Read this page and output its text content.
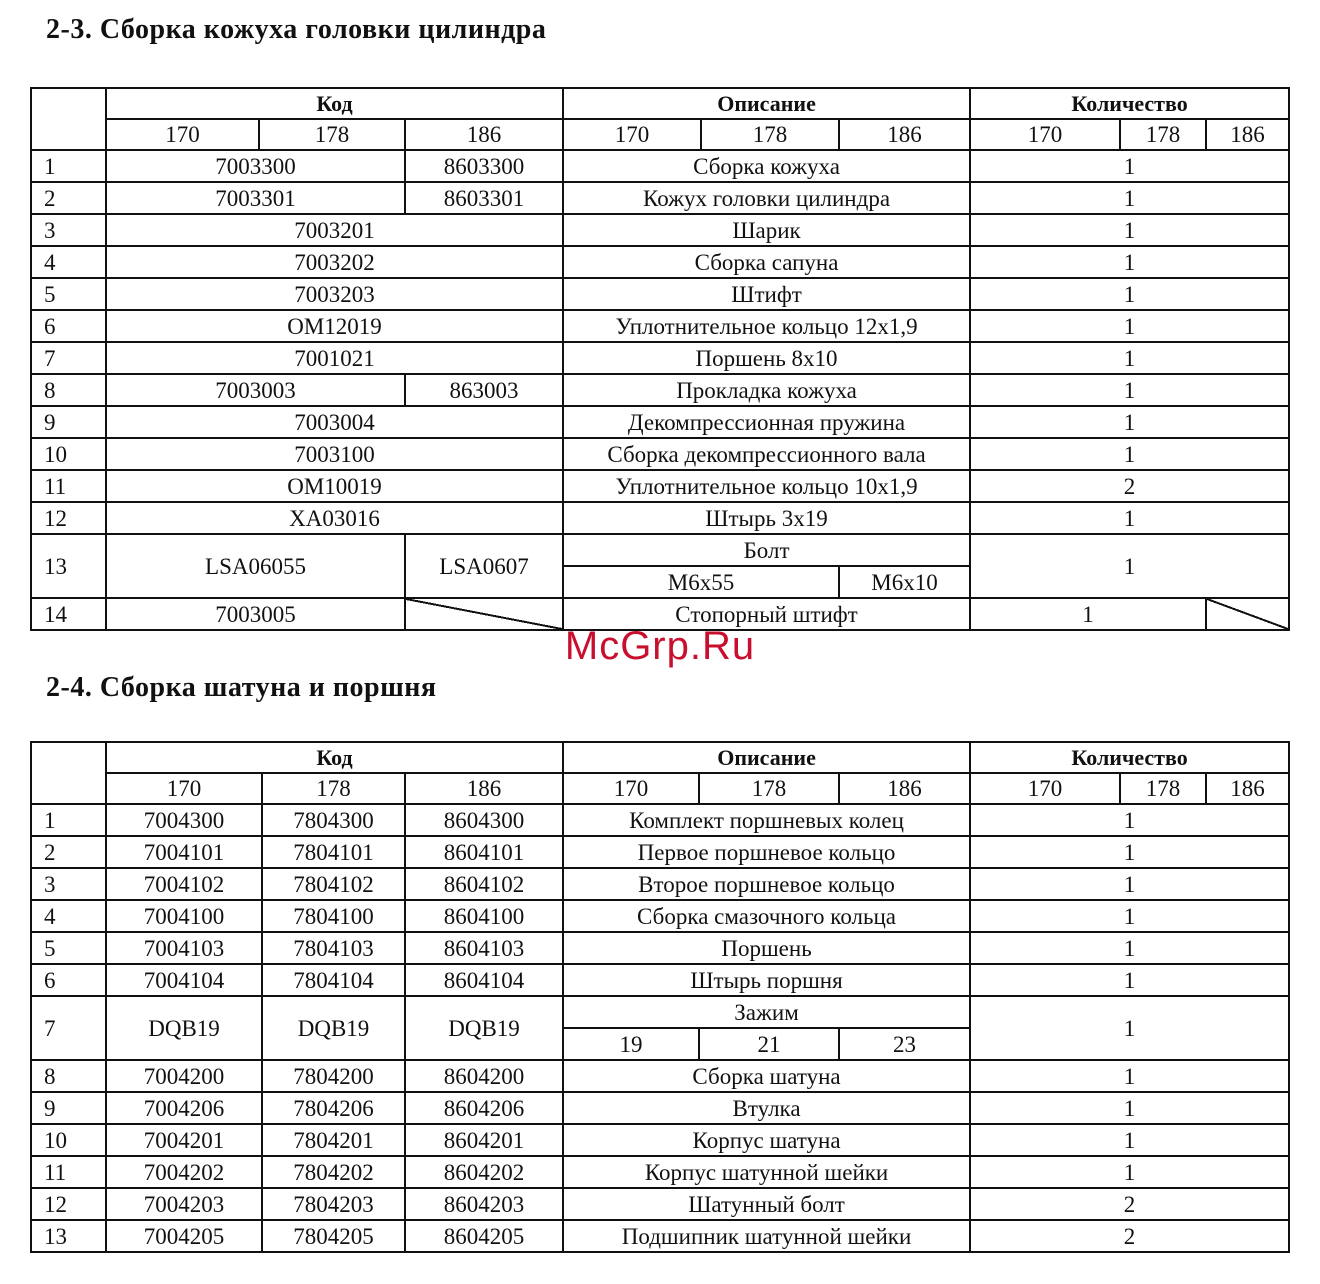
2-3. Сборка кожуха головки цилиндра
	Код			Описание			Количество		
	170	178	186	170	178	186	170	178	186
1	7003300		8603300	Сборка кожуха			1		
2	7003301		8603301	Кожух головки цилиндра			1		
3	7003201			Шарик			1		
4	7003202			Сборка сапуна			1		
5	7003203			Штифт			1		
6	OM12019			Уплотнительное кольцо 12х1,9			1		
7	7001021			Поршень 8х10			1		
8	7003003		863003	Прокладка кожуха			1		
9	7003004			Декомпрессионная пружина			1		
10	7003100			Сборка декомпрессионного вала			1		
11	OM10019			Уплотнительное кольцо 10х1,9			2		
12	XA03016			Штырь 3х19			1		
13	LSA06055		LSA0607	Болт			1		
				M6x55		M6x10			
14	7003005			Стопорный штифт			1		
McGrp.Ru
2-4. Сборка шатуна и поршня
	Код			Описание			Количество		
	170	178	186	170	178	186	170	178	186
1	7004300	7804300	8604300	Комплект поршневых колец			1		
2	7004101	7804101	8604101	Первое поршневое кольцо			1		
3	7004102	7804102	8604102	Второе поршневое кольцо			1		
4	7004100	7804100	8604100	Сборка смазочного кольца			1		
5	7004103	7804103	8604103	Поршень			1		
6	7004104	7804104	8604104	Штырь поршня			1		
7	DQB19	DQB19	DQB19	Зажим			1		
				19	21	23			
8	7004200	7804200	8604200	Сборка шатуна			1		
9	7004206	7804206	8604206	Втулка			1		
10	7004201	7804201	8604201	Корпус шатуна			1		
11	7004202	7804202	8604202	Корпус шатунной шейки			1		
12	7004203	7804203	8604203	Шатунный болт			2		
13	7004205	7804205	8604205	Подшипник шатунной шейки			2		
